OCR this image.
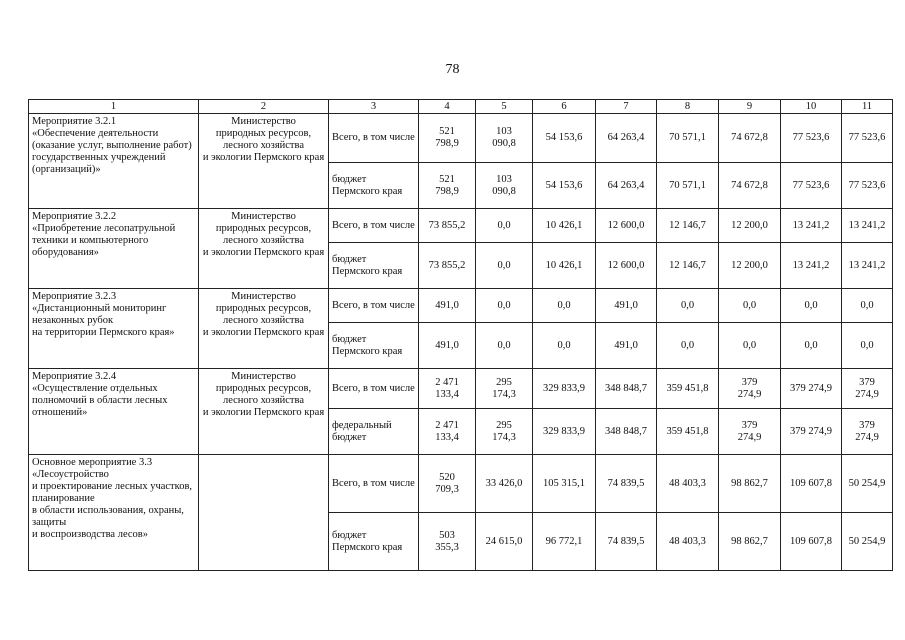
78
1	2	3	4	5	6	7	8	9	10	11
Мероприятие 3.2.1
«Обеспечение деятельности (оказание услуг, выполнение работ) государственных учреждений (организаций)»	Министерство
природных ресурсов,
лесного хозяйства
и экологии Пермского края	Всего, в том числе	521
798,9	103
090,8	54 153,6	64 263,4	70 571,1	74 672,8	77 523,6	77 523,6
		бюджет Пермского края	521
798,9	103
090,8	54 153,6	64 263,4	70 571,1	74 672,8	77 523,6	77 523,6
Мероприятие 3.2.2
«Приобретение лесопатрульной техники и компьютерного оборудования»	Министерство
природных ресурсов,
лесного хозяйства
и экологии Пермского края	Всего, в том числе	73 855,2	0,0	10 426,1	12 600,0	12 146,7	12 200,0	13 241,2	13 241,2
		бюджет Пермского края	73 855,2	0,0	10 426,1	12 600,0	12 146,7	12 200,0	13 241,2	13 241,2
Мероприятие 3.2.3
«Дистанционный мониторинг незаконных рубок
на территории Пермского края»	Министерство
природных ресурсов,
лесного хозяйства
и экологии Пермского края	Всего, в том числе	491,0	0,0	0,0	491,0	0,0	0,0	0,0	0,0
		бюджет Пермского края	491,0	0,0	0,0	491,0	0,0	0,0	0,0	0,0
Мероприятие 3.2.4
«Осуществление отдельных полномочий в области лесных отношений»	Министерство
природных ресурсов,
лесного хозяйства
и экологии Пермского края	Всего, в том числе	2 471
133,4	295
174,3	329 833,9	348 848,7	359 451,8	379
274,9	379 274,9	379
274,9
		федеральный бюджет	2 471
133,4	295
174,3	329 833,9	348 848,7	359 451,8	379
274,9	379 274,9	379
274,9
Основное мероприятие 3.3
«Лесоустройство
и проектирование лесных участков, планирование
в области использования, охраны, защиты
и воспроизводства лесов»		Всего, в том числе	520
709,3	33 426,0	105 315,1	74 839,5	48 403,3	98 862,7	109 607,8	50 254,9
		бюджет Пермского края	503
355,3	24 615,0	96 772,1	74 839,5	48 403,3	98 862,7	109 607,8	50 254,9
